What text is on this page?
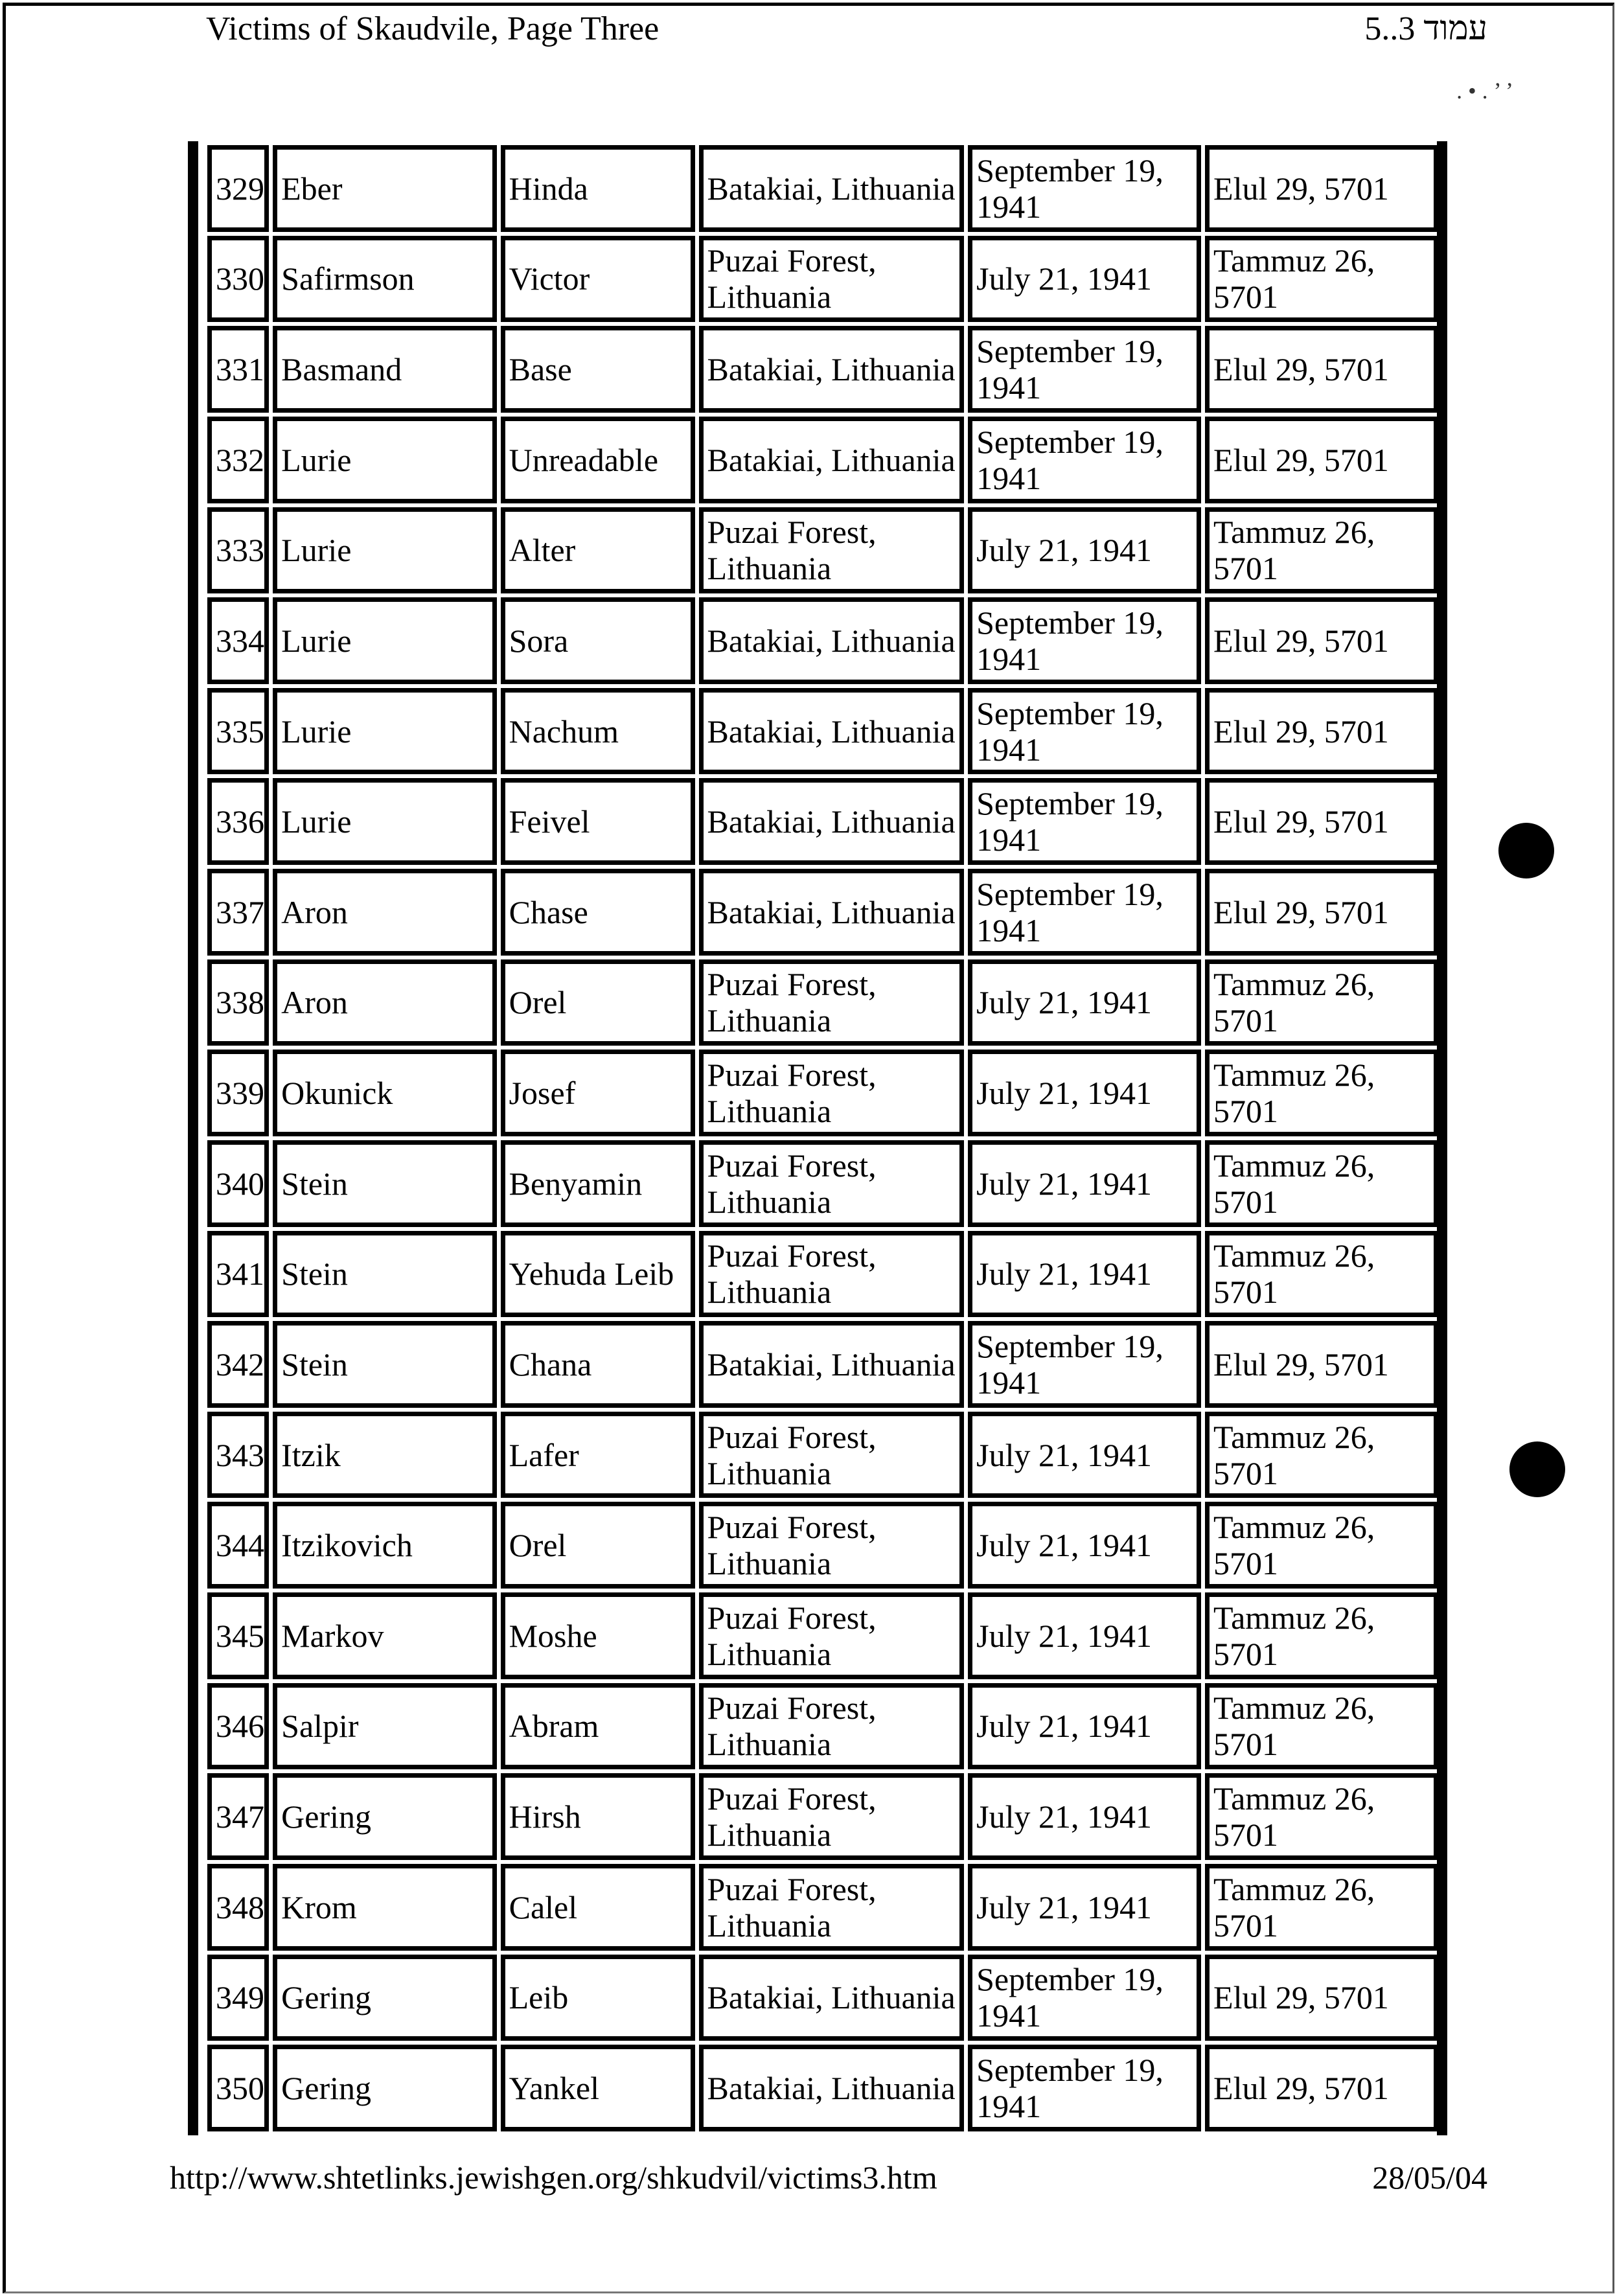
Victims of Skaudvile, Page Three	עמוד 3..5
. • . ’ ’
329	Eber	Hinda	Batakiai, Lithuania	September 19, 1941	Elul 29, 5701
330	Safirmson	Victor	Puzai Forest, Lithuania	July 21, 1941	Tammuz 26, 5701
331	Basmand	Base	Batakiai, Lithuania	September 19, 1941	Elul 29, 5701
332	Lurie	Unreadable	Batakiai, Lithuania	September 19, 1941	Elul 29, 5701
333	Lurie	Alter	Puzai Forest, Lithuania	July 21, 1941	Tammuz 26, 5701
334	Lurie	Sora	Batakiai, Lithuania	September 19, 1941	Elul 29, 5701
335	Lurie	Nachum	Batakiai, Lithuania	September 19, 1941	Elul 29, 5701
336	Lurie	Feivel	Batakiai, Lithuania	September 19, 1941	Elul 29, 5701
337	Aron	Chase	Batakiai, Lithuania	September 19, 1941	Elul 29, 5701
338	Aron	Orel	Puzai Forest, Lithuania	July 21, 1941	Tammuz 26, 5701
339	Okunick	Josef	Puzai Forest, Lithuania	July 21, 1941	Tammuz 26, 5701
340	Stein	Benyamin	Puzai Forest, Lithuania	July 21, 1941	Tammuz 26, 5701
341	Stein	Yehuda Leib	Puzai Forest, Lithuania	July 21, 1941	Tammuz 26, 5701
342	Stein	Chana	Batakiai, Lithuania	September 19, 1941	Elul 29, 5701
343	Itzik	Lafer	Puzai Forest, Lithuania	July 21, 1941	Tammuz 26, 5701
344	Itzikovich	Orel	Puzai Forest, Lithuania	July 21, 1941	Tammuz 26, 5701
345	Markov	Moshe	Puzai Forest, Lithuania	July 21, 1941	Tammuz 26, 5701
346	Salpir	Abram	Puzai Forest, Lithuania	July 21, 1941	Tammuz 26, 5701
347	Gering	Hirsh	Puzai Forest, Lithuania	July 21, 1941	Tammuz 26, 5701
348	Krom	Calel	Puzai Forest, Lithuania	July 21, 1941	Tammuz 26, 5701
349	Gering	Leib	Batakiai, Lithuania	September 19, 1941	Elul 29, 5701
350	Gering	Yankel	Batakiai, Lithuania	September 19, 1941	Elul 29, 5701
http://www.shtetlinks.jewishgen.org/shkudvil/victims3.htm	28/05/04
